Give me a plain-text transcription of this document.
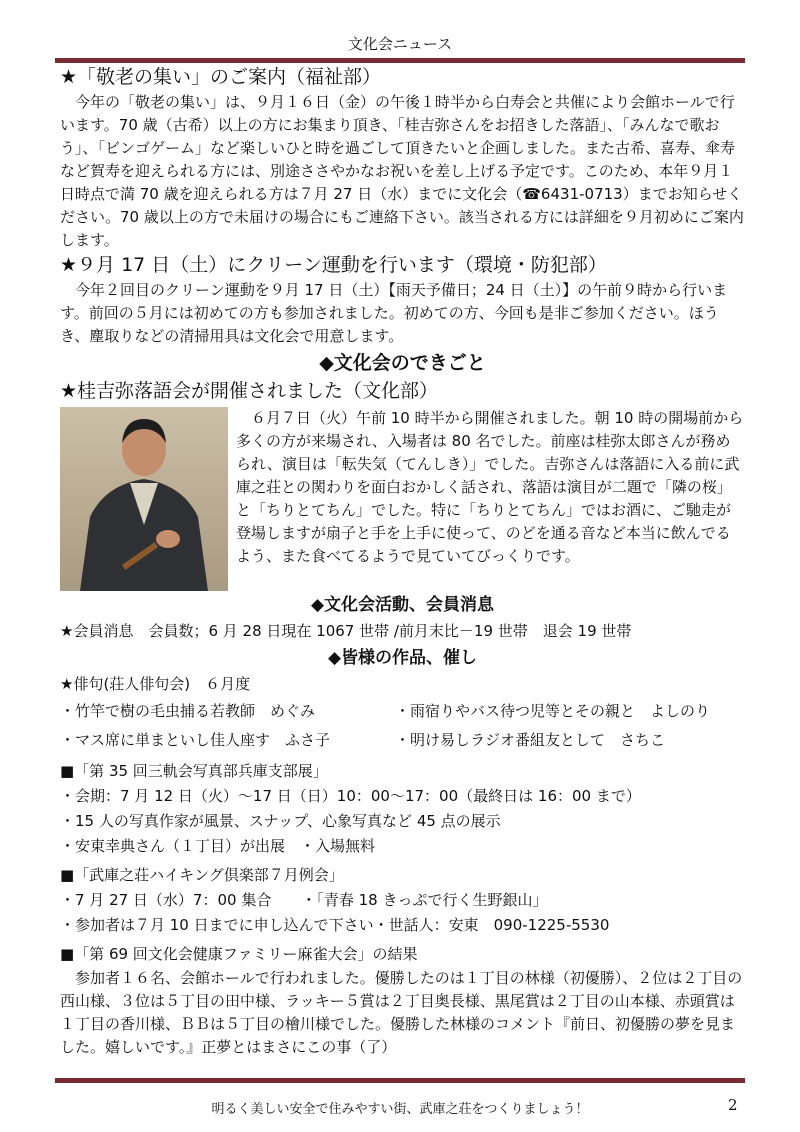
文化会ニュース
★「敬老の集い」のご案内（福祉部）

今年の「敬老の集い」は、９月１６日（金）の午後１時半から白寿会と共催により会館ホールで行います。70 歳（古希）以上の方にお集まり頂き、「桂吉弥さんをお招きした落語」、「みんなで歌おう」、「ビンゴゲーム」など楽しいひと時を過ごして頂きたいと企画しました。また古希、喜寿、傘寿など賀寿を迎えられる方には、別途ささやかなお祝いを差し上げる予定です。このため、本年９月１日時点で満 70 歳を迎えられる方は７月 27 日（水）までに文化会（☎6431-0713）までお知らせください。70 歳以上の方で未届けの場合にもご連絡下さい。該当される方には詳細を９月初めにご案内します。

★９月 17 日（土）にクリーン運動を行います（環境・防犯部）

今年２回目のクリーン運動を９月 17 日（土）【雨天予備日；24 日（土）】の午前９時から行います。前回の５月には初めての方も参加されました。初めての方、今回も是非ご参加ください。ほうき、塵取りなどの清掃用具は文化会で用意します。

◆文化会のできごと
★桂吉弥落語会が開催されました（文化部）

６月７日（火）午前 10 時半から開催されました。朝 10 時の開場前から多くの方が来場され、入場者は 80 名でした。前座は桂弥太郎さんが務められ、演目は「転失気（てんしき）」でした。吉弥さんは落語に入る前に武庫之荘との関わりを面白おかしく話され、落語は演目が二題で「隣の桜」と「ちりとてちん」でした。特に「ちりとてちん」ではお酒に、ご馳走が登場しますが扇子と手を上手に使って、のどを通る音など本当に飲んでるよう、また食べてるようで見ていてびっくりです。

◆文化会活動、会員消息
★会員消息　会員数；6 月 28 日現在 1067 世帯 /前月末比－19 世帯　退会 19 世帯
◆皆様の作品、催し
★俳句(荘人俳句会)　６月度
・竹竿で樹の毛虫捕る若教師　めぐみ	・雨宿りやバス待つ児等とその親と　よしのり
・マス席に単まといし佳人座す　ふさ子	・明け易しラジオ番組友として　さちこ
■「第 35 回三軌会写真部兵庫支部展」
・会期：7 月 12 日（火）～17 日（日）10：00～17：00（最終日は 16：00 まで）
・15 人の写真作家が風景、スナップ、心象写真など 45 点の展示
・安東幸典さん（１丁目）が出展　・入場無料
■「武庫之荘ハイキング倶楽部７月例会」
・7 月 27 日（水）7：00 集合　　・「青春 18 きっぷで行く生野銀山」
・参加者は７月 10 日までに申し込んで下さい・世話人：安東　090-1225-5530
■「第 69 回文化会健康ファミリー麻雀大会」の結果

参加者１６名、会館ホールで行われました。優勝したのは１丁目の林様（初優勝）、２位は２丁目の西山様、３位は５丁目の田中様、ラッキー５賞は２丁目奥長様、黒尾賞は２丁目の山本様、赤頭賞は１丁目の香川様、ＢＢは５丁目の檜川様でした。優勝した林様のコメント『前日、初優勝の夢を見ました。嬉しいです。』正夢とはまさにこの事（了）

明るく美しい安全で住みやすい街、武庫之荘をつくりましょう！	2
